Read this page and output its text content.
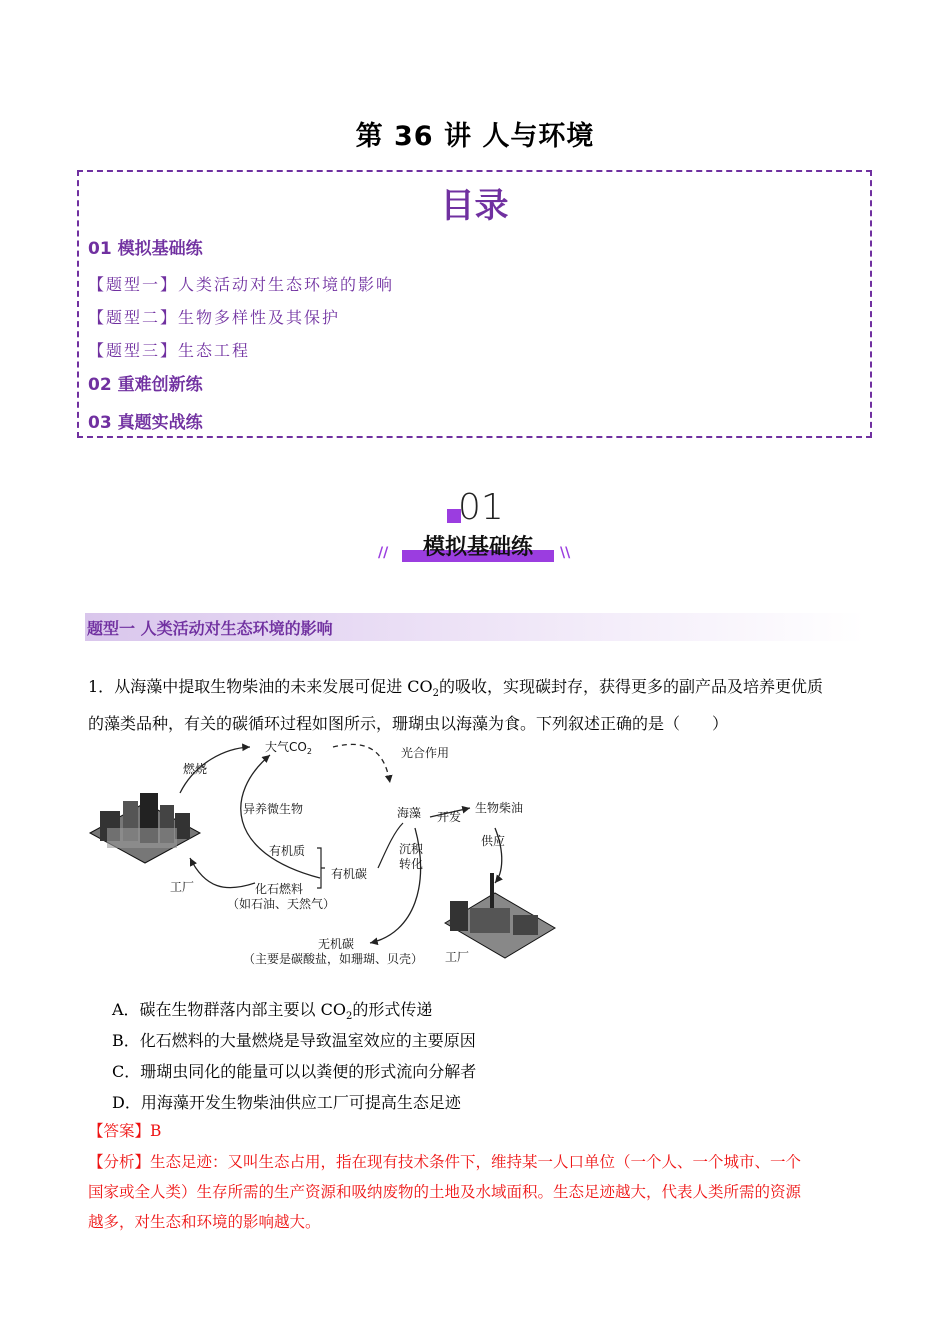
第 36 讲 人与环境
目录
01 模拟基础练
【题型一】人类活动对生态环境的影响
【题型二】生物多样性及其保护
【题型三】生态工程
02 重难创新练
03 真题实战练
01
模拟基础练
//	\\
题型一 人类活动对生态环境的影响
1．从海藻中提取生物柴油的未来发展可促进 $CO_2$的吸收，实现碳封存，获得更多的副产品及培养更优质
的藻类品种，有关的碳循环过程如图所示，珊瑚虫以海藻为食。下列叙述正确的是（　　）
大气$CO_2$	光合作用
燃烧
异养微生物	海藻 开发
生物柴油
供应
有机质
有机碳
沉积
转化
工厂	化石燃料
（如石油、天然气）
无机碳
（主要是碳酸盐，如珊瑚、贝壳） 工厂
A．碳在生物群落内部主要以 $CO_2$的形式传递
B．化石燃料的大量燃烧是导致温室效应的主要原因
C．珊瑚虫同化的能量可以以粪便的形式流向分解者
D．用海藻开发生物柴油供应工厂可提高生态足迹
【答案】B
【分析】生态足迹：又叫生态占用，指在现有技术条件下，维持某一人口单位（一个人、一个城市、一个
国家或全人类）生存所需的生产资源和吸纳废物的土地及水域面积。生态足迹越大，代表人类所需的资源
越多，对生态和环境的影响越大。
